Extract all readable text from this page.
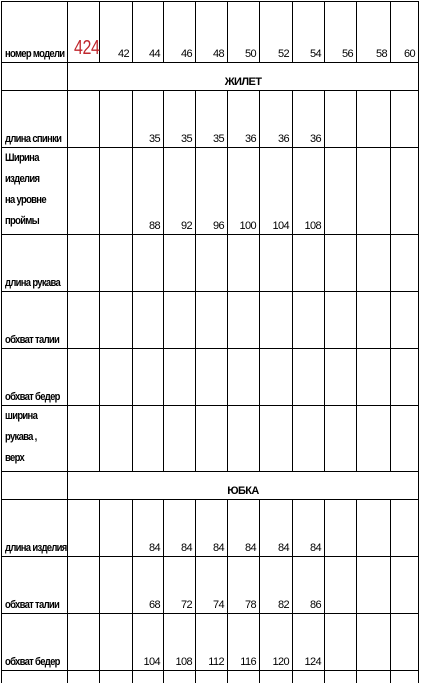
номер модели	424	42	44	46	48	50	52	54	56	58	60
	ЖИЛЕТ										

длина спинки			35	35	35	36	36	36			

Ширина изделия
на уровне проймы			88	92	96	100	104	108			

длина рукава											

обхват талии											

обхват бедер											

ширина рукава ,
верх											

	ЮБКА										

длина изделия			84	84	84	84	84	84			

обхват талии			68	72	74	78	82	86			

обхват бедер			104	108	112	116	120	124			
